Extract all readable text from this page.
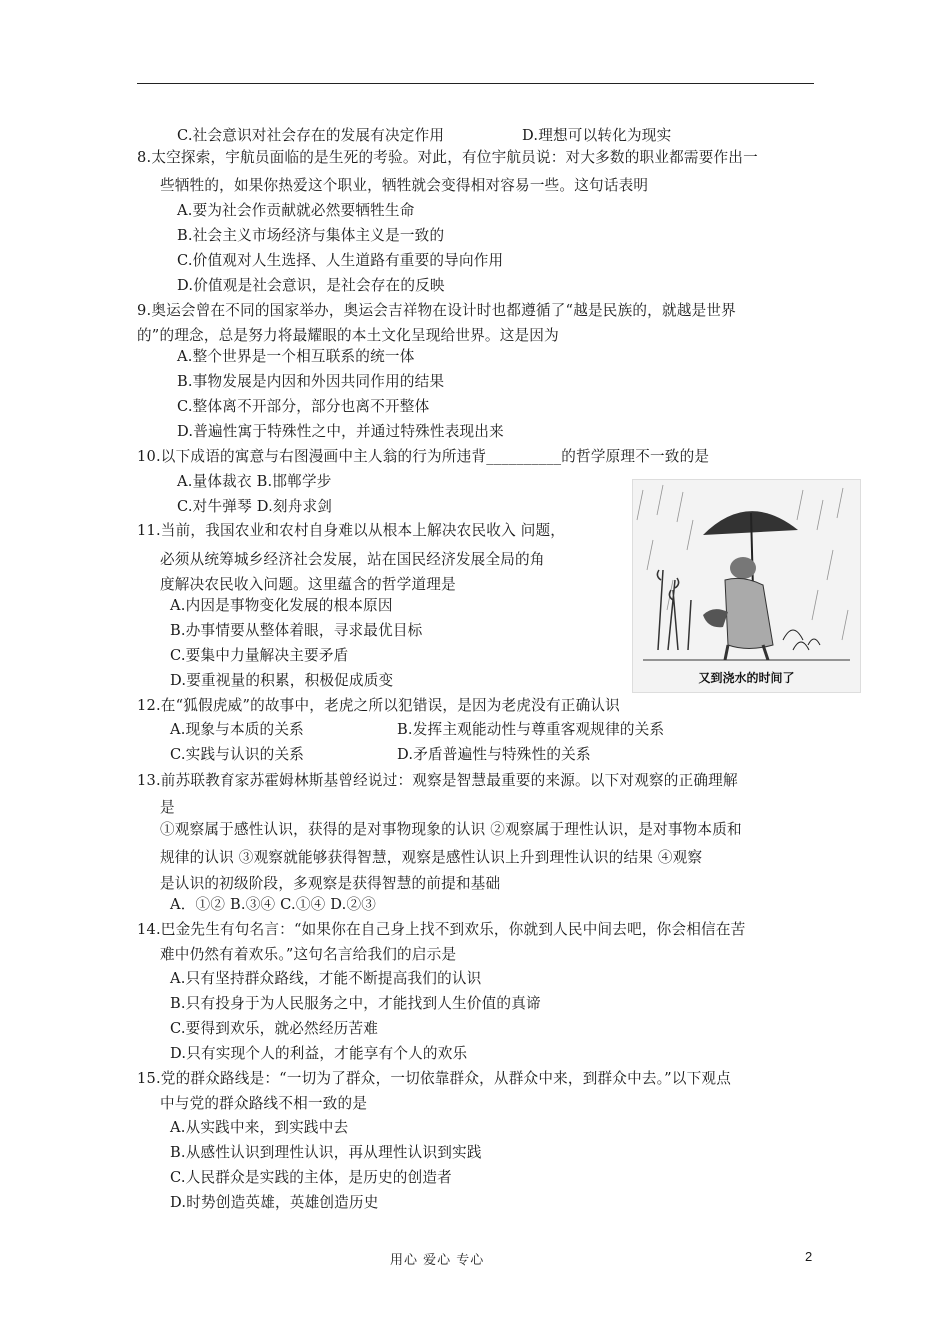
C.社会意识对社会存在的发展有决定作用	D.理想可以转化为现实
8.太空探索，宇航员面临的是生死的考验。对此，有位宇航员说：对大多数的职业都需要作出一
些牺牲的，如果你热爱这个职业，牺牲就会变得相对容易一些。这句话表明
A.要为社会作贡献就必然要牺牲生命
B.社会主义市场经济与集体主义是一致的
C.价值观对人生选择、人生道路有重要的导向作用
D.价值观是社会意识，是社会存在的反映
9.奥运会曾在不同的国家举办，奥运会吉祥物在设计时也都遵循了“越是民族的，就越是世界
的”的理念，总是努力将最耀眼的本土文化呈现给世界。这是因为
A.整个世界是一个相互联系的统一体
B.事物发展是内因和外因共同作用的结果
C.整体离不开部分，部分也离不开整体
D.普遍性寓于特殊性之中，并通过特殊性表现出来
10.以下成语的寓意与右图漫画中主人翁的行为所违背__________的哲学原理不一致的是
A.量体裁衣 B.邯郸学步
C.对牛弹琴 D.刻舟求剑
11.当前，我国农业和农村自身难以从根本上解决农民收入 问题，
必须从统筹城乡经济社会发展，站在国民经济发展全局的角
度解决农民收入问题。这里蕴含的哲学道理是
A.内因是事物变化发展的根本原因
B.办事情要从整体着眼，寻求最优目标
C.要集中力量解决主要矛盾
D.要重视量的积累，积极促成质变
12.在“狐假虎威”的故事中，老虎之所以犯错误，是因为老虎没有正确认识
A.现象与本质的关系	B.发挥主观能动性与尊重客观规律的关系
C.实践与认识的关系	D.矛盾普遍性与特殊性的关系
13.前苏联教育家苏霍姆林斯基曾经说过：观察是智慧最重要的来源。以下对观察的正确理解
是
①观察属于感性认识，获得的是对事物现象的认识 ②观察属于理性认识，是对事物本质和
规律的认识 ③观察就能够获得智慧，观察是感性认识上升到理性认识的结果 ④观察
是认识的初级阶段，多观察是获得智慧的前提和基础
A．①② B.③④ C.①④ D.②③
14.巴金先生有句名言：“如果你在自己身上找不到欢乐，你就到人民中间去吧，你会相信在苦
难中仍然有着欢乐。”这句名言给我们的启示是
A.只有坚持群众路线，才能不断提高我们的认识
B.只有投身于为人民服务之中，才能找到人生价值的真谛
C.要得到欢乐，就必然经历苦难
D.只有实现个人的利益，才能享有个人的欢乐
15.党的群众路线是：“一切为了群众，一切依靠群众，从群众中来，到群众中去。”以下观点
中与党的群众路线不相一致的是
A.从实践中来，到实践中去
B.从感性认识到理性认识，再从理性认识到实践
C.人民群众是实践的主体，是历史的创造者
D.时势创造英雄，英雄创造历史
又到浇水的时间了
用心 爱心 专心	2
